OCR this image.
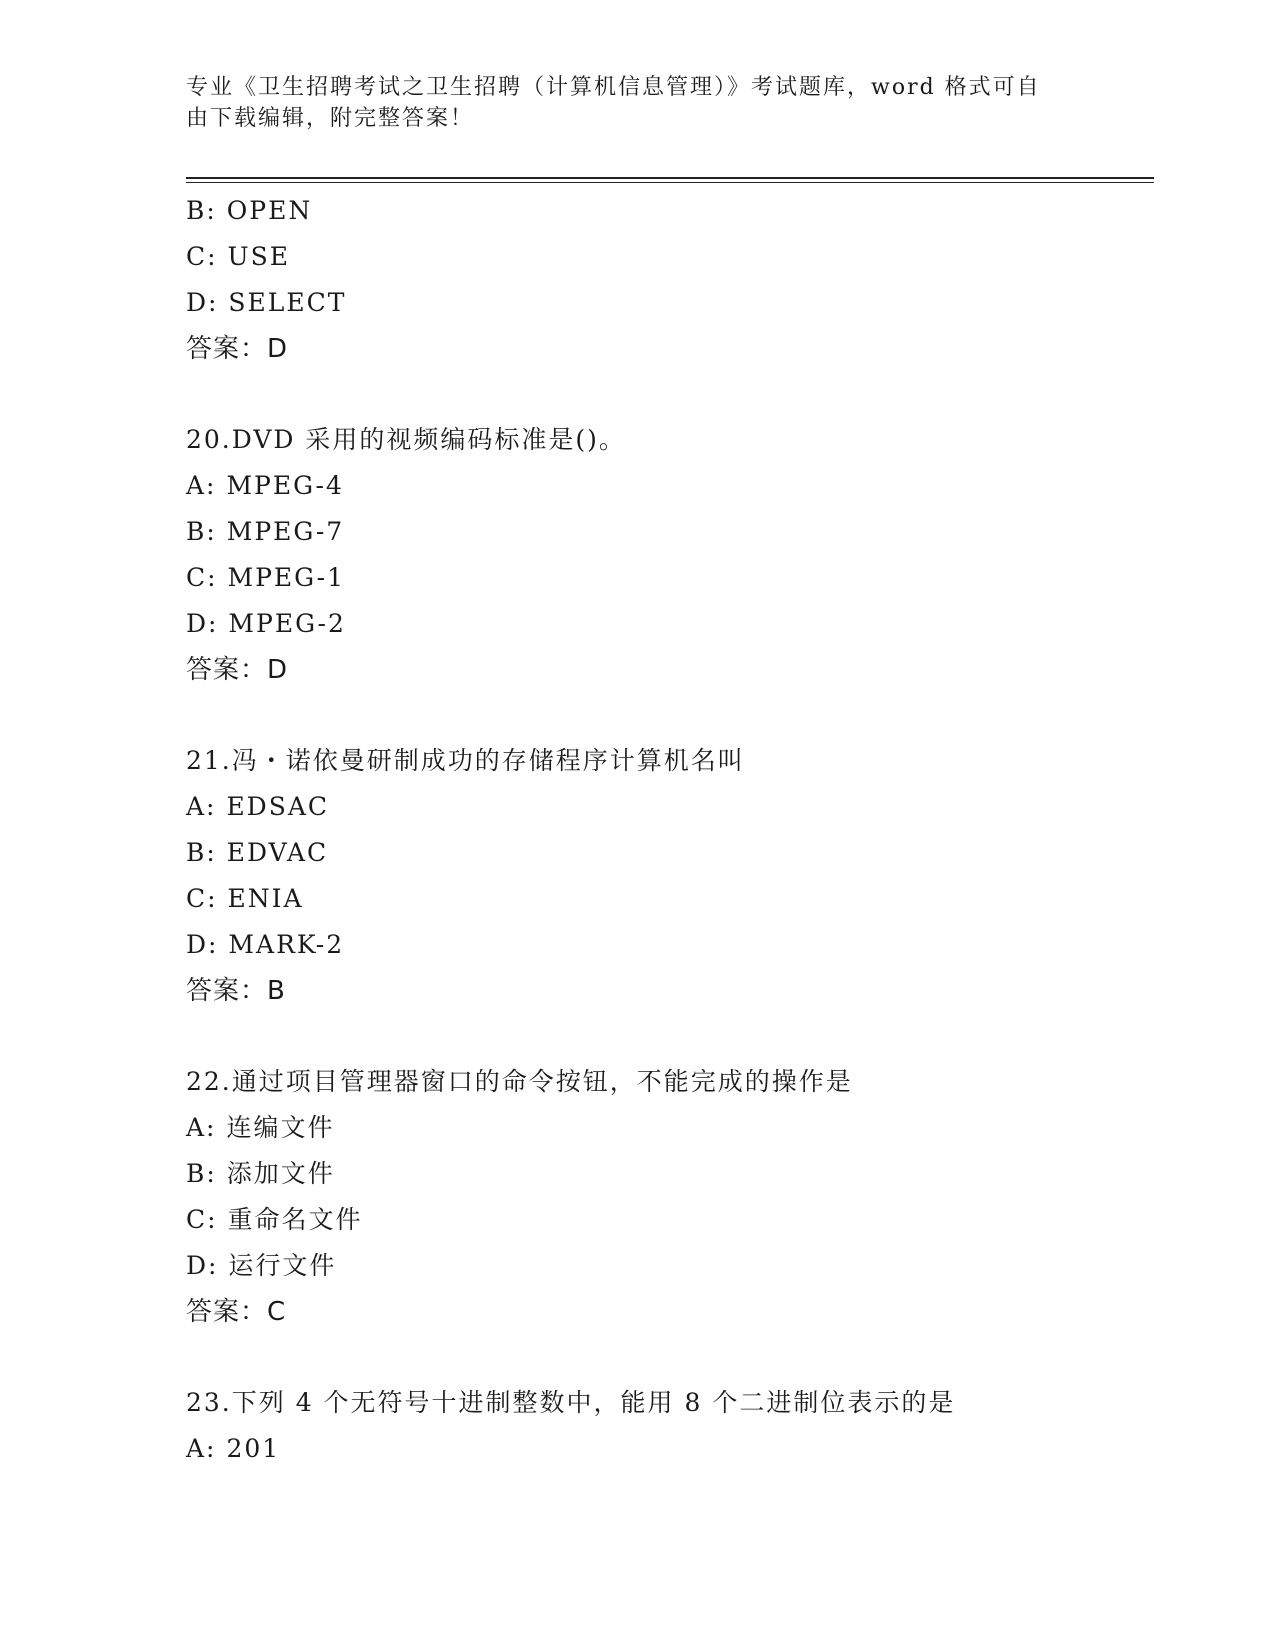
专业《卫生招聘考试之卫生招聘（计算机信息管理）》考试题库，word 格式可自
由下载编辑，附完整答案！
B: OPEN
C: USE
D: SELECT
答案：D
20.DVD 采用的视频编码标准是()。
A: MPEG-4
B: MPEG-7
C: MPEG-1
D: MPEG-2
答案：D
21.冯・诺依曼研制成功的存储程序计算机名叫
A: EDSAC
B: EDVAC
C: ENIA
D: MARK-2
答案：B
22.通过项目管理器窗口的命令按钮，不能完成的操作是
A: 连编文件
B: 添加文件
C: 重命名文件
D: 运行文件
答案：C
23.下列 4 个无符号十进制整数中，能用 8 个二进制位表示的是
A: 201
